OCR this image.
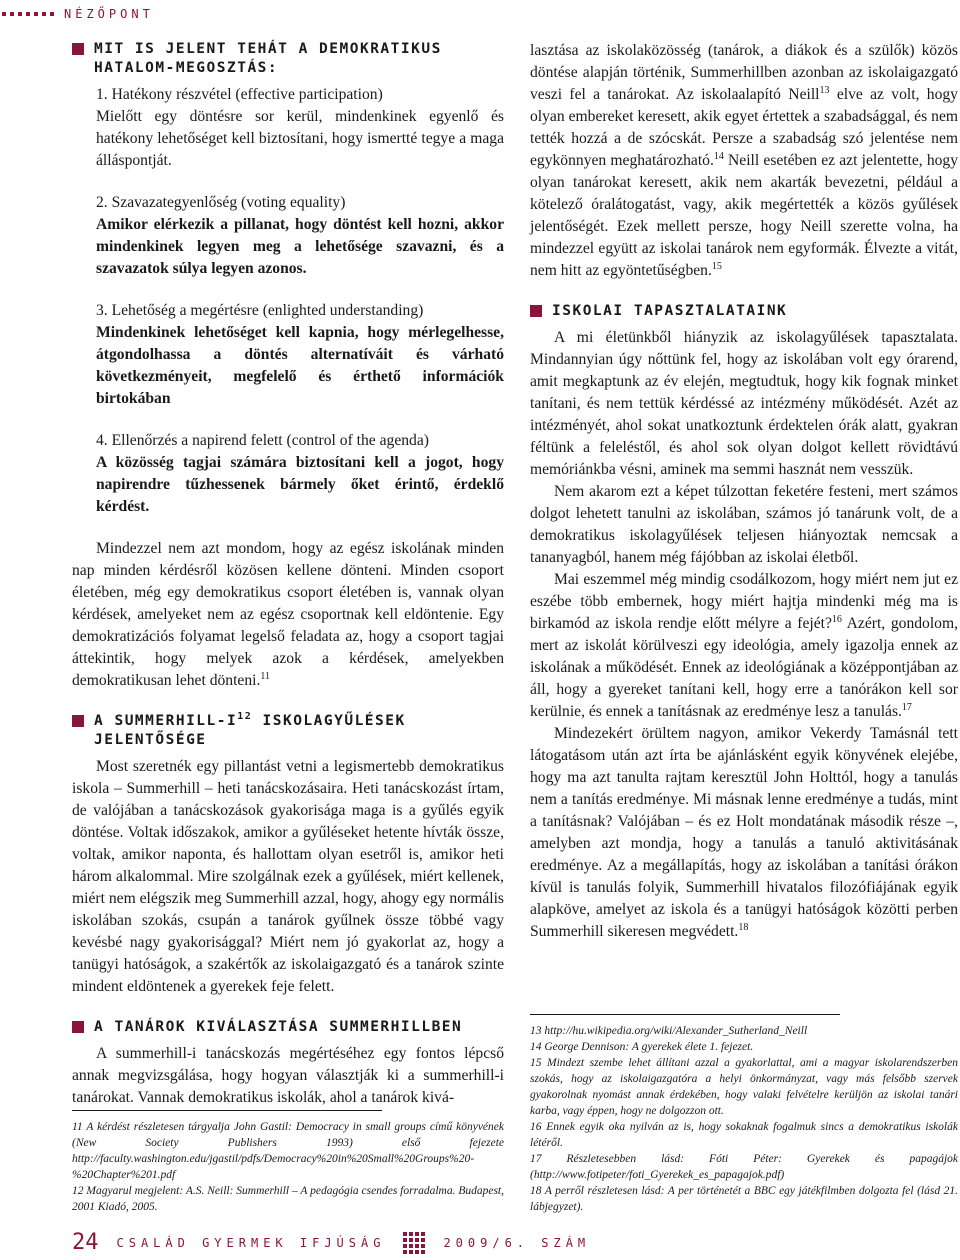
NÉZŐPONT
MIT IS JELENT TEHÁT A DEMOKRATIKUS HATALOM-MEGOSZTÁS:

1. Hatékony részvétel (effective participation)

Mielőtt egy döntésre sor kerül, mindenkinek egyenlő és hatékony lehetőséget kell biztosítani, hogy ismertté tegye a maga álláspontját.

2. Szavazategyenlőség (voting equality)

Amikor elérkezik a pillanat, hogy döntést kell hozni, akkor mindenkinek legyen meg a lehetősége szavazni, és a szavazatok súlya legyen azonos.

3. Lehetőség a megértésre (enlighted understanding)

Mindenkinek lehetőséget kell kapnia, hogy mérlegelhesse, átgondolhassa a döntés alternatíváit és várható következményeit, megfelelő és érthető információk birtokában

4. Ellenőrzés a napirend felett (control of the agenda)

A közösség tagjai számára biztosítani kell a jogot, hogy napirendre tűzhessenek bármely őket érintő, érdeklő kérdést.

Mindezzel nem azt mondom, hogy az egész iskolának minden nap minden kérdésről közösen kellene dönteni. Minden csoport életében, még egy demokratikus csoport életében is, vannak olyan kérdések, amelyeket nem az egész csoportnak kell eldöntenie. Egy demokratizációs folyamat legelső feladata az, hogy a csoport tagjai áttekintik, hogy melyek azok a kérdések, amelyekben demokratikusan lehet dönteni.$^{11}$

A SUMMERHILL-$I^{12}$ ISKOLAGYŰLÉSEK JELENTŐSÉGE

Most szeretnék egy pillantást vetni a legismertebb demokratikus iskola – Summerhill – heti tanácskozásaira. Heti tanácskozást írtam, de valójában a tanácskozások gyakorisága maga is a gyűlés egyik döntése. Voltak időszakok, amikor a gyűléseket hetente hívták össze, voltak, amikor naponta, és hallottam olyan esetről is, amikor heti három alkalommal. Mire szolgálnak ezek a gyűlések, miért kellenek, miért nem elégszik meg Summerhill azzal, hogy, ahogy egy normális iskolában szokás, csupán a tanárok gyűlnek össze többé vagy kevésbé nagy gyakorisággal? Miért nem jó gyakorlat az, hogy a tanügyi hatóságok, a szakértők az iskolaigazgató és a tanárok szinte mindent eldöntenek a gyerekek feje felett.

A TANÁROK KIVÁLASZTÁSA SUMMERHILLBEN

A summerhill-i tanácskozás megértéséhez egy fontos lépcső annak megvizsgálása, hogy hogyan választják ki a summerhill-i tanárokat. Vannak demokratikus iskolák, ahol a tanárok kivá-

11 A kérdést részletesen tárgyalja John Gastil: Democracy in small groups című könyvének (New Society Publishers 1993) első fejezete http://faculty.washington.edu/jgastil/pdfs/Democracy%20in%20Small%20Groups%20-%20Chapter%201.pdf

12 Magyarul megjelent: A.S. Neill: Summerhill – A pedagógia csendes forradalma. Budapest, 2001 Kiadó, 2005.

lasztása az iskolaközösség (tanárok, a diákok és a szülők) közös döntése alapján történik, Summerhillben azonban az iskolaigazgató veszi fel a tanárokat. Az iskolaalapító Neill$^{13}$ elve az volt, hogy olyan embereket keresett, akik egyet értettek a szabadsággal, és nem tették hozzá a de szócskát. Persze a szabadság szó jelentése nem egykönnyen meghatározható.$^{14}$ Neill esetében ez azt jelentette, hogy olyan tanárokat keresett, akik nem akarták bevezetni, például a kötelező óralátogatást, vagy, akik megértették a közös gyűlések jelentőségét. Ezek mellett persze, hogy Neill szerette volna, ha mindezzel együtt az iskolai tanárok nem egyformák. Élvezte a vitát, nem hitt az egyöntetűségben.$^{15}$

ISKOLAI TAPASZTALATAINK

A mi életünkből hiányzik az iskolagyűlések tapasztalata. Mindannyian úgy nőttünk fel, hogy az iskolában volt egy órarend, amit megkaptunk az év elején, megtudtuk, hogy kik fognak minket tanítani, és nem tettük kérdéssé az intézmény működését. Azét az intézményét, ahol sokat unatkoztunk érdektelen órák alatt, gyakran féltünk a feleléstől, és ahol sok olyan dolgot kellett rövidtávú memóriánkba vésni, aminek ma semmi hasznát nem vesszük.

Nem akarom ezt a képet túlzottan feketére festeni, mert számos dolgot lehetett tanulni az iskolában, számos jó tanárunk volt, de a demokratikus iskolagyűlések teljesen hiányoztak nemcsak a tananyagból, hanem még fájóbban az iskolai életből.

Mai eszemmel még mindig csodálkozom, hogy miért nem jut ez eszébe több embernek, hogy miért hajtja mindenki még ma is birkamód az iskola rendje előtt mélyre a fejét?$^{16}$ Azért, gondolom, mert az iskolát körülveszi egy ideológia, amely igazolja ennek az iskolának a működését. Ennek az ideológiának a középpontjában az áll, hogy a gyereket tanítani kell, hogy erre a tanórákon kell sor kerülnie, és ennek a tanításnak az eredménye lesz a tanulás.$^{17}$

Mindezekért örültem nagyon, amikor Vekerdy Tamásnál tett látogatásom után azt írta be ajánlásként egyik könyvének elejébe, hogy ma azt tanulta rajtam keresztül John Holttól, hogy a tanulás nem a tanítás eredménye. Mi másnak lenne eredménye a tudás, mint a tanításnak? Valójában – és ez Holt mondatának második része –, amelyben azt mondja, hogy a tanulás a tanuló aktivitásának eredménye. Az a megállapítás, hogy az iskolában a tanítási órákon kívül is tanulás folyik, Summerhill hivatalos filozófiájának egyik alapköve, amelyet az iskola és a tanügyi hatóságok közötti perben Summerhill sikeresen megvédett.$^{18}$

13 http://hu.wikipedia.org/wiki/Alexander_Sutherland_Neill

14 George Dennison: A gyerekek élete 1. fejezet.

15 Mindezt szembe lehet állítani azzal a gyakorlattal, ami a magyar iskolarendszerben szokás, hogy az iskolaigazgatóra a helyi önkormányzat, vagy más felsőbb szervek gyakorolnak nyomást annak érdekében, hogy valaki felvételre kerüljön az iskolai tanári karba, vagy éppen, hogy ne dolgozzon ott.

16 Ennek egyik oka nyilván az is, hogy sokaknak fogalmuk sincs a demokratikus iskolák létéről.

17 Részletesebben lásd: Fóti Péter: Gyerekek és papagájok (http://www.fotipeter/foti_Gyerekek_es_papagajok.pdf)

18 A perről részletesen lásd: A per történetét a BBC egy játékfilmben dolgozta fel (lásd 21. lábjegyzet).

24 CSALÁD GYERMEK IFJÚSÁG	2009/6. SZÁM
